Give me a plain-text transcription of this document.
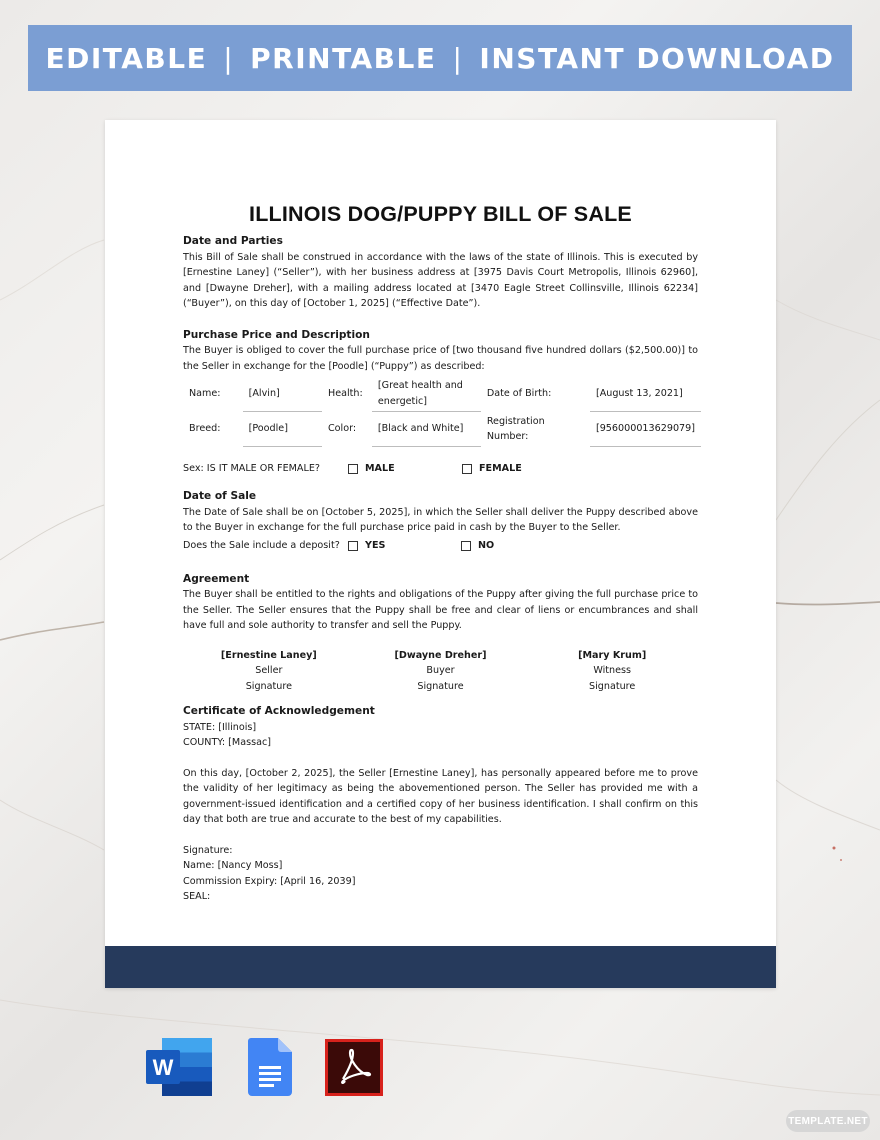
EDITABLE | PRINTABLE | INSTANT DOWNLOAD
ILLINOIS DOG/PUPPY BILL OF SALE

Date and Parties

This Bill of Sale shall be construed in accordance with the laws of the state of Illinois. This is executed by [Ernestine Laney] (“Seller”), with her business address at [3975 Davis Court Metropolis, Illinois 62960], and [Dwayne Dreher], with a mailing address located at [3470 Eagle Street Collinsville, Illinois 62234] (“Buyer”), on this day of [October 1, 2025] (“Effective Date”).

Purchase Price and Description

The Buyer is obliged to cover the full purchase price of [two thousand five hundred dollars ($2,500.00)] to the Seller in exchange for the [Poodle] (“Puppy”) as described:

Name:	[Alvin]	Health:	[Great health and energetic]	Date of Birth:	[August 13, 2021]
Breed:	[Poodle]	Color:	[Black and White]	Registration Number:	[956000013629079]
Sex: IS IT MALE OR FEMALE?	MALE	FEMALE

Date of Sale

The Date of Sale shall be on [October 5, 2025], in which the Seller shall deliver the Puppy described above to the Buyer in exchange for the full purchase price paid in cash by the Buyer to the Seller.

Does the Sale include a deposit?	YES	NO

Agreement

The Buyer shall be entitled to the rights and obligations of the Puppy after giving the full purchase price to the Seller. The Seller ensures that the Puppy shall be free and clear of liens or encumbrances and shall have full and sole authority to transfer and sell the Puppy.

[Ernestine Laney]
Seller
Signature
[Dwayne Dreher]
Buyer
Signature
[Mary Krum]
Witness
Signature

Certificate of Acknowledgement

STATE: [Illinois]

COUNTY: [Massac]

On this day, [October 2, 2025], the Seller [Ernestine Laney], has personally appeared before me to prove the validity of her legitimacy as being the abovementioned person. The Seller has provided me with a government-issued identification and a certified copy of her business identification. I shall confirm on this day that both are true and accurate to the best of my capabilities.

Signature:

Name: [Nancy Moss]

Commission Expiry: [April 16, 2039]

SEAL:

W
TEMPLATE.NET
